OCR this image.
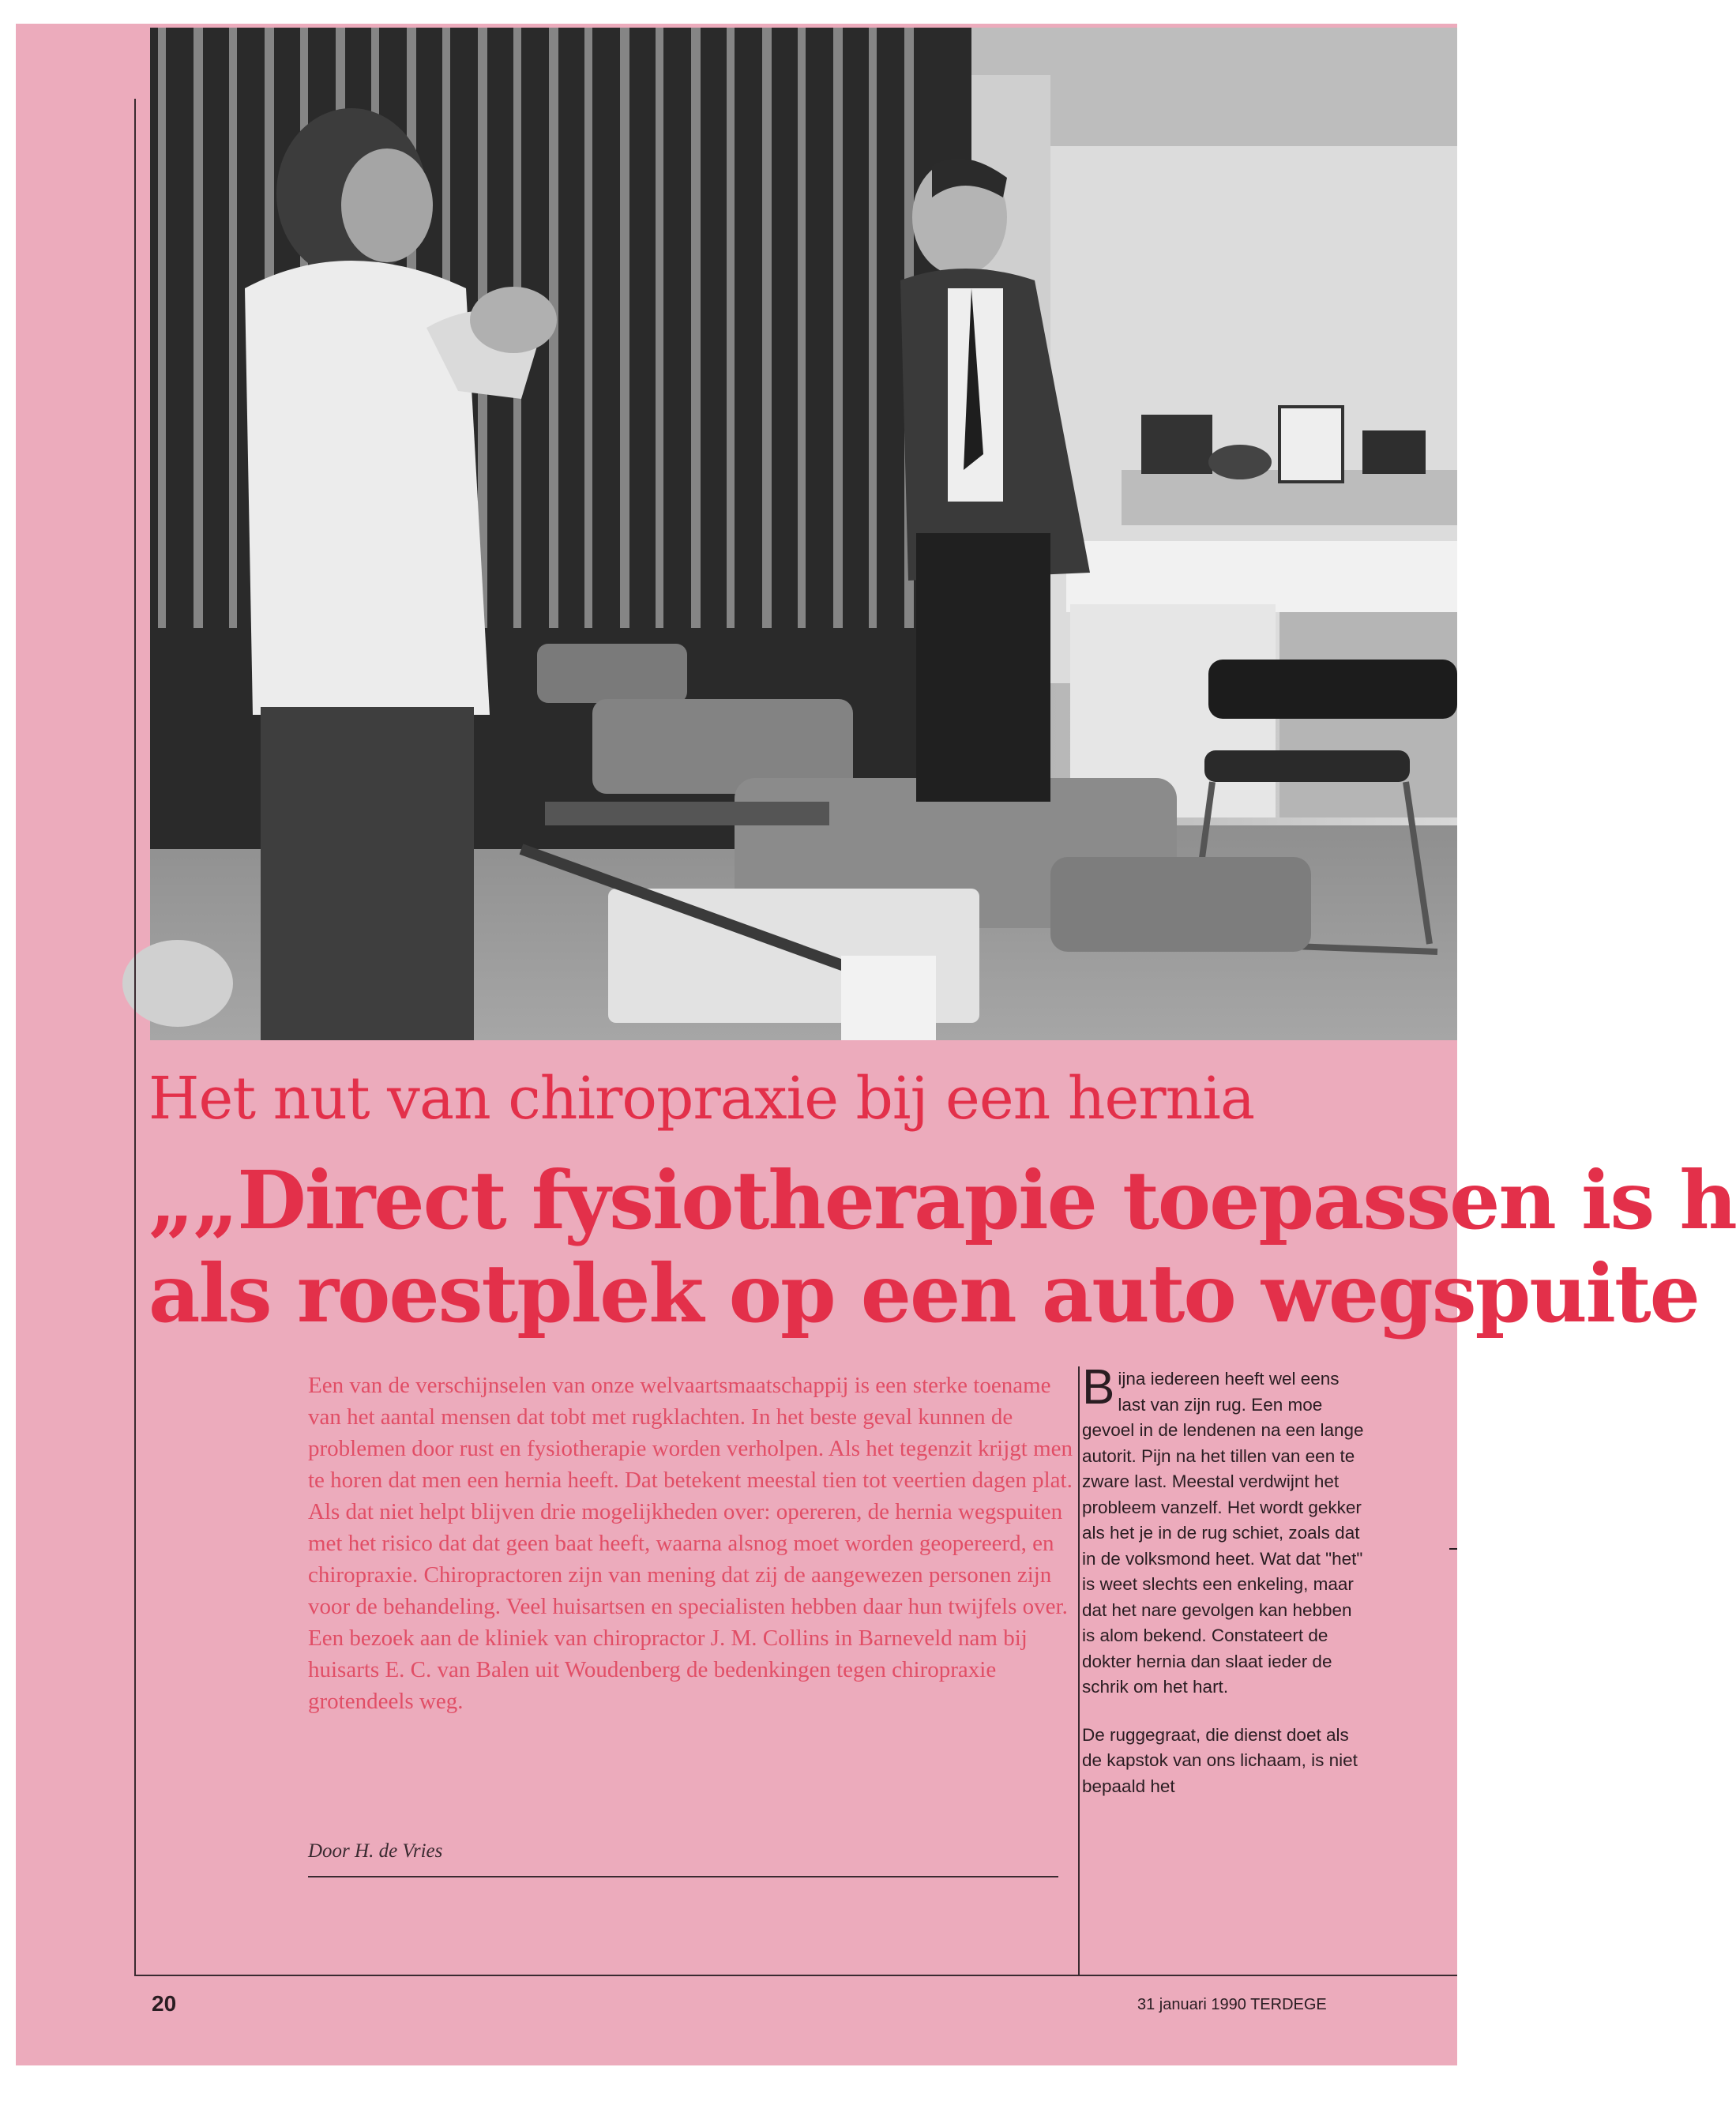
Het nut van chiropraxie bij een hernia
„„Direct fysiotherapie toepassen is h
als roestplek op een auto wegspuite
Een van de verschijnselen van onze welvaartsmaatschappij is een sterke toename van het aantal mensen dat tobt met rugklachten. In het beste geval kunnen de problemen door rust en fysiotherapie worden verholpen. Als het tegenzit krijgt men te horen dat men een hernia heeft. Dat betekent meestal tien tot veertien dagen plat. Als dat niet helpt blijven drie mogelijkheden over: opereren, de hernia wegspuiten met het risico dat dat geen baat heeft, waarna alsnog moet worden geopereerd, en chiropraxie. Chiropractoren zijn van mening dat zij de aangewezen personen zijn voor de behandeling. Veel huisartsen en specialisten hebben daar hun twijfels over. Een bezoek aan de kliniek van chiropractor J. M. Collins in Barneveld nam bij huisarts E. C. van Balen uit Woudenberg de bedenkingen tegen chiropraxie grotendeels weg.
Door H. de Vries
B ijna iedereen heeft wel eens last van zijn rug. Een moe gevoel in de lendenen na een lange autorit. Pijn na het tillen van een te zware last. Meestal verdwijnt het probleem vanzelf. Het wordt gekker als het je in de rug schiet, zoals dat in de volksmond heet. Wat dat "het" is weet slechts een enkeling, maar dat het nare gevolgen kan hebben is alom bekend. Constateert de dokter hernia dan slaat ieder de schrik om het hart.

De ruggegraat, die dienst doet als de kapstok van ons lichaam, is niet bepaald het

20	31 januari 1990 TERDEGE
